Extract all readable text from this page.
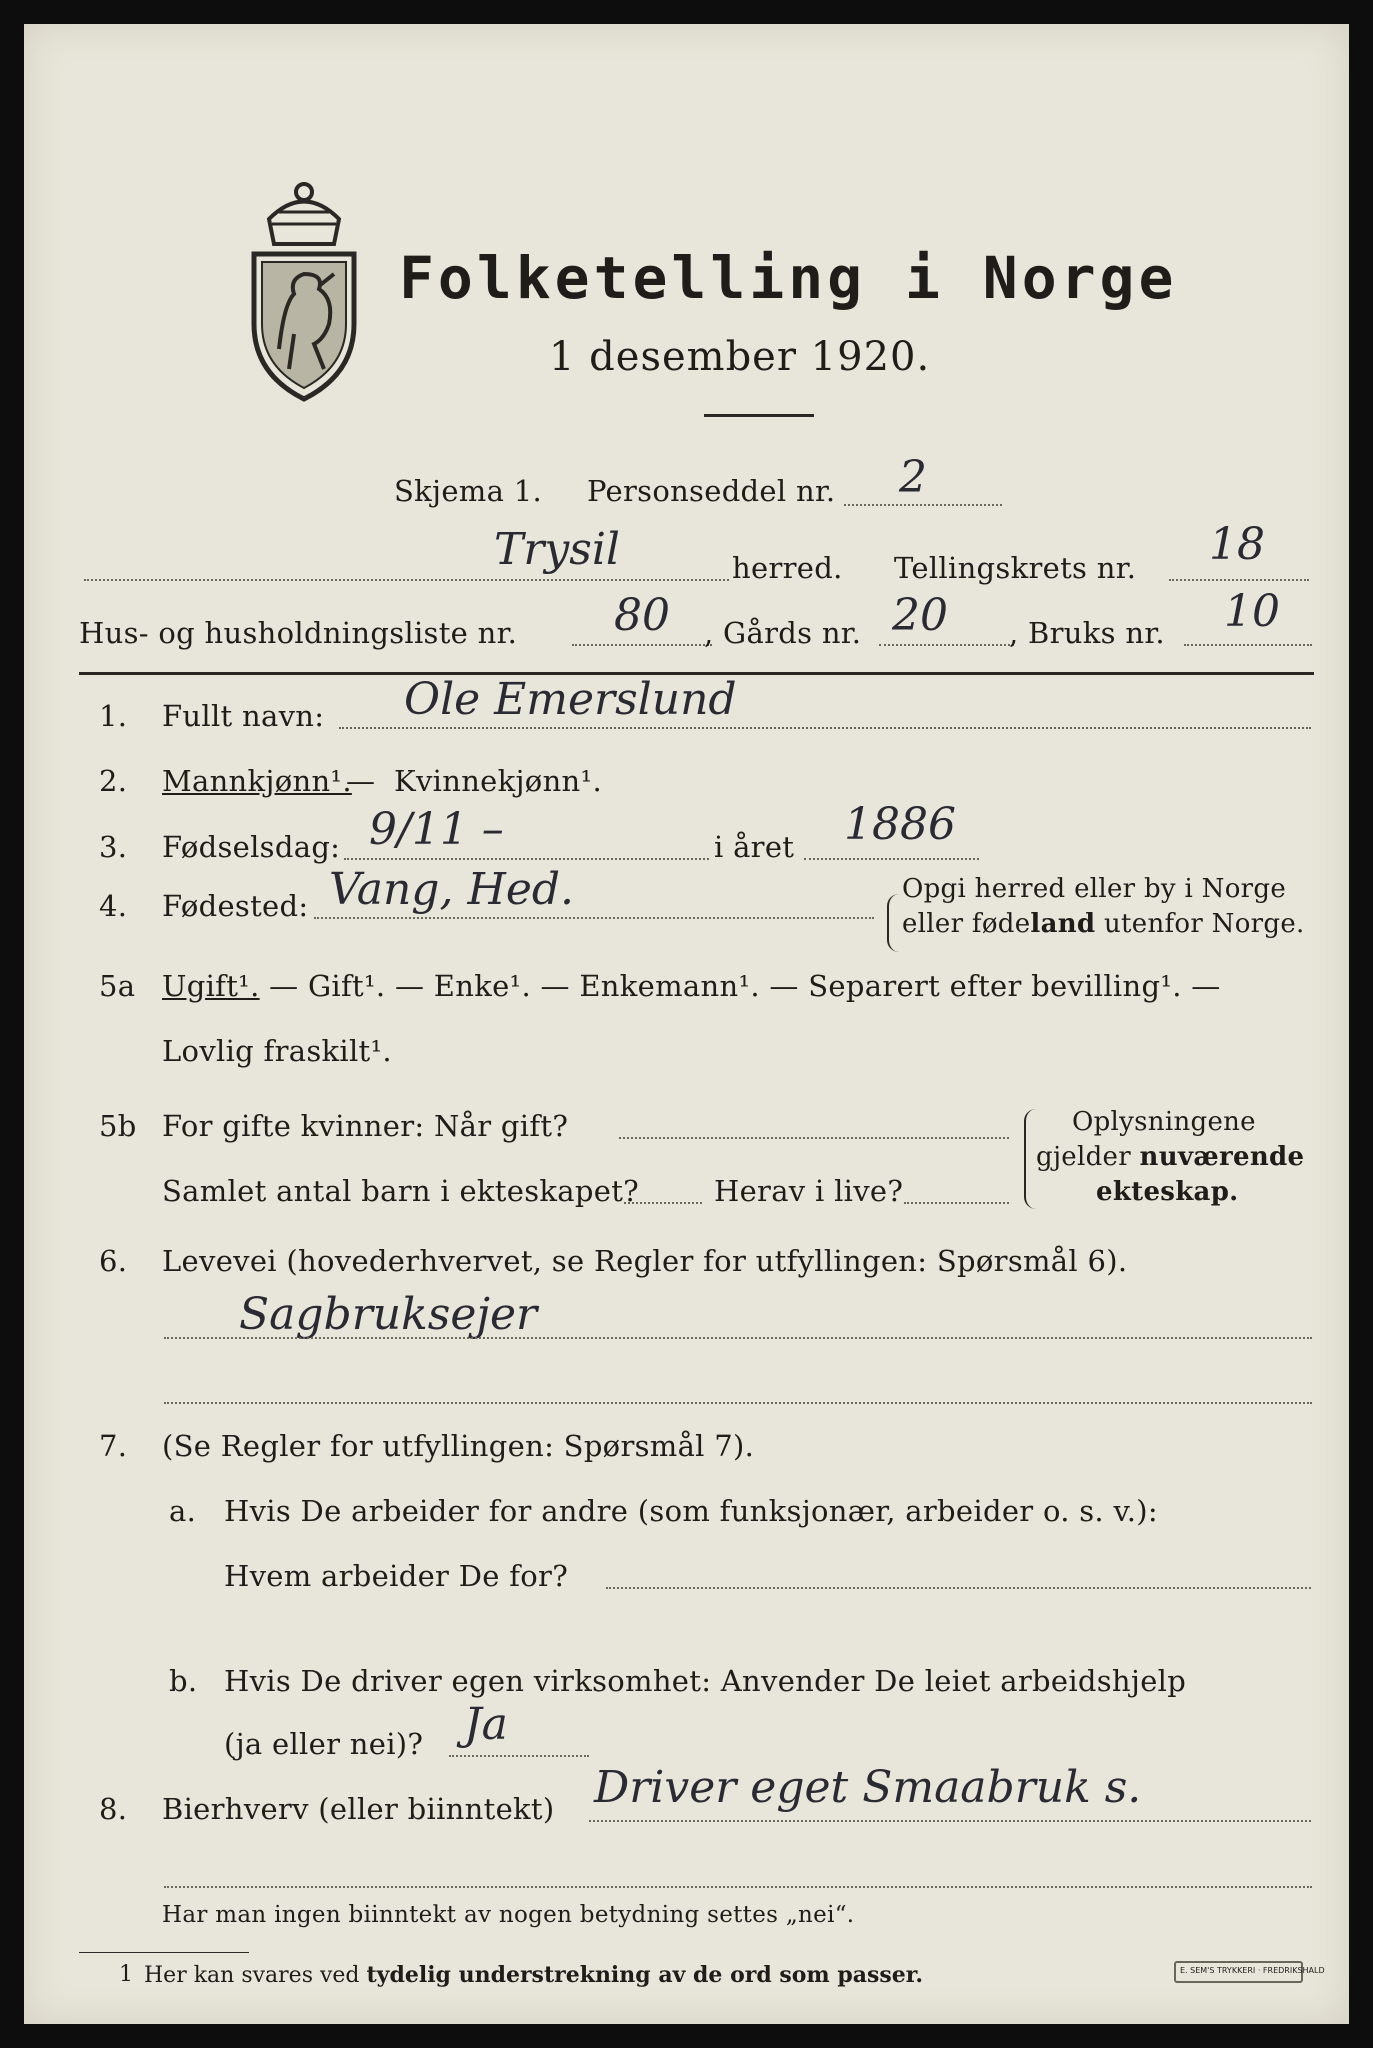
Folketelling i Norge
1 desember 1920.
Skjema 1. Personseddel nr. 2
Trysil	herred. Tellingskrets nr. 18
Hus- og husholdningsliste nr. 80 , Gårds nr. 20 , Bruks nr. 10
1. Fullt navn: Ole Emerslund
2. Mannkjønn¹.
— Kvinnekjønn¹.
3. Fødselsdag: 9/11 –	i året 1886
4. Fødested: Vang, Hed.	Opgi herred eller by i Norge
eller fødeland utenfor Norge.
5a Ugift¹. — Gift¹. — Enke¹. — Enkemann¹. — Separert efter bevilling¹. —
Lovlig fraskilt¹.
5b For gifte kvinner: Når gift?
Samlet antal barn i ekteskapet?	Herav i live?
Oplysningene
gjelder nuværende
ekteskap.
6. Levevei (hovederhvervet, se Regler for utfyllingen: Spørsmål 6).
Sagbruksejer
7. (Se Regler for utfyllingen: Spørsmål 7).
a. Hvis De arbeider for andre (som funksjonær, arbeider o. s. v.):
Hvem arbeider De for?
b. Hvis De driver egen virksomhet: Anvender De leiet arbeidshjelp
(ja eller nei)? Ja
8. Bierhverv (eller biinntekt) Driver eget Smaabruk s.
Har man ingen biinntekt av nogen betydning settes „nei“.
1 Her kan svares ved tydelig understrekning av de ord som passer.	E. SEM'S TRYKKERI · FREDRIKSHALD
